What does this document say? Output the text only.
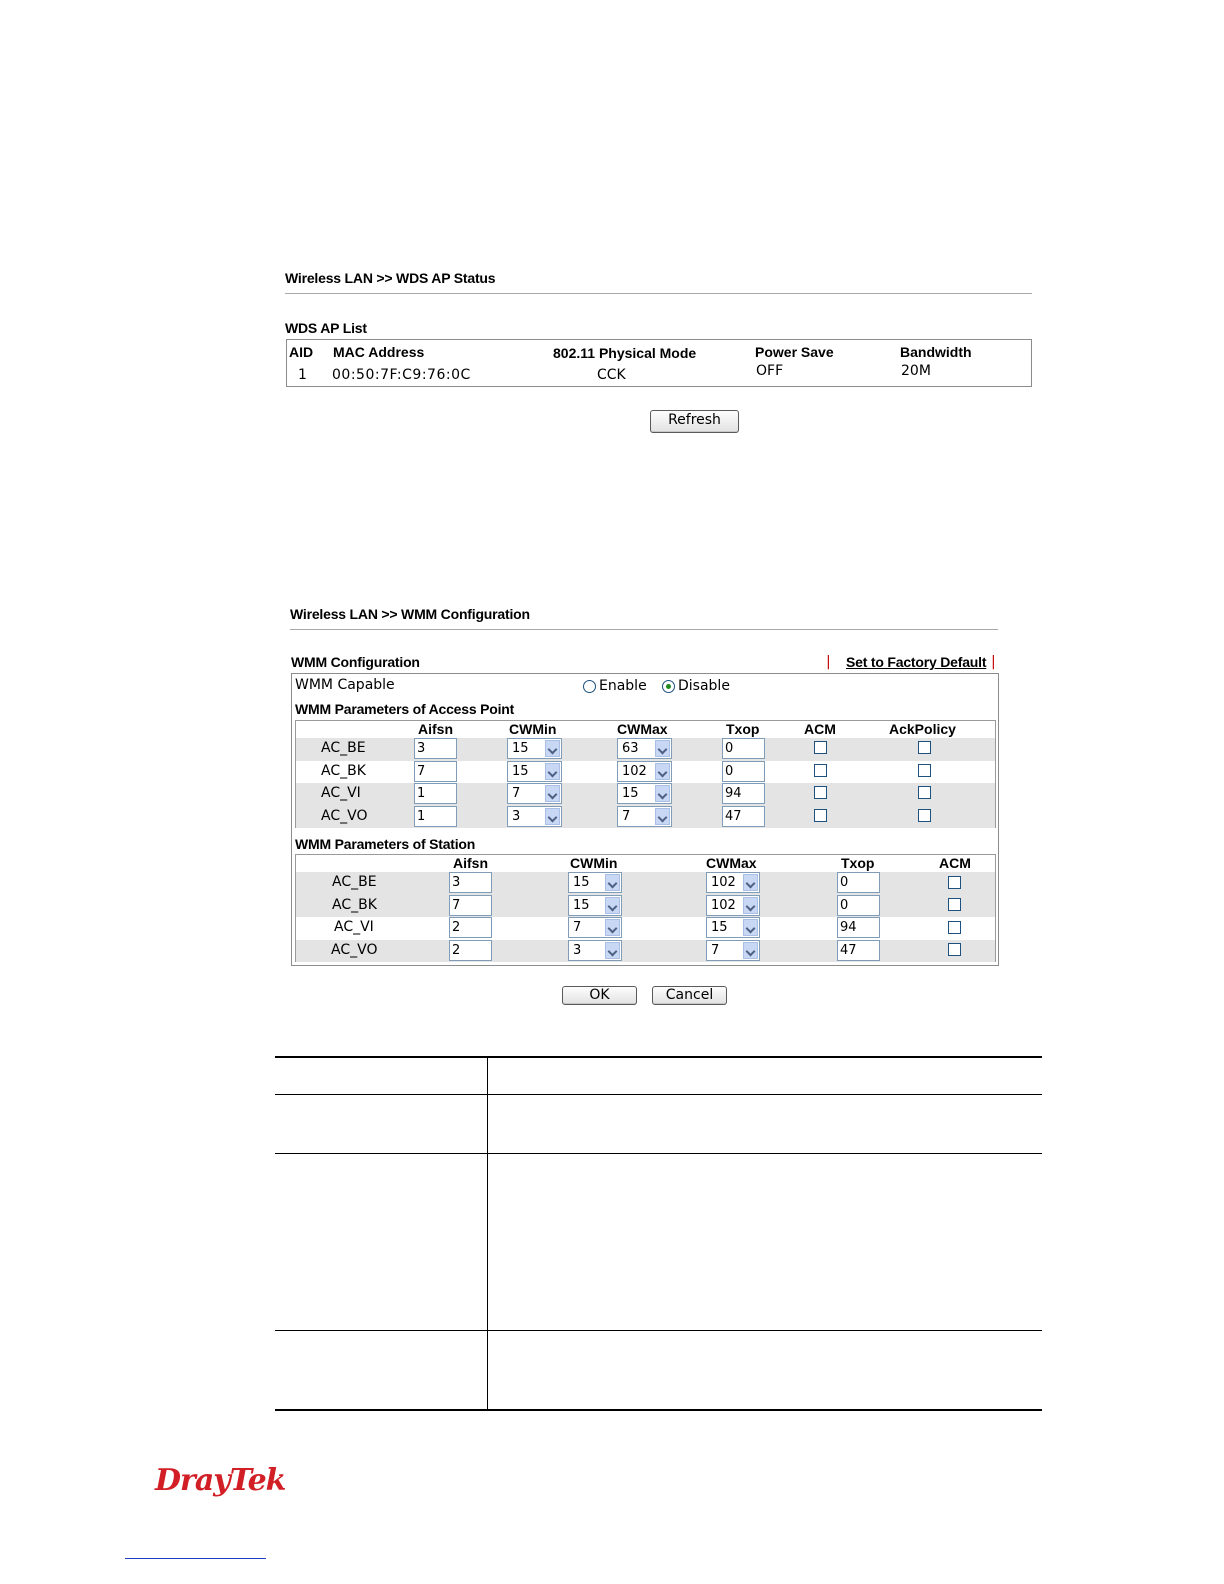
Wireless LAN >> WDS AP Status
WDS AP List
AID MAC Address	802.11 Physical Mode	Power Save	Bandwidth
1 00:50:7F:C9:76:0C	CCK	OFF	20M
Refresh
Wireless LAN >> WMM Configuration
WMM Configuration	| Set to Factory Default |
WMM Capable	Enable Disable
WMM Parameters of Access Point
WMM Parameters of Station
Aifsn	CWMin	CWMax	Txop	ACM	AckPolicy
AC_BE	3	15	63	0
AC_BK	7	15	102	0
AC_VI	1	7	15	94
AC_VO	1	3	7	47
Aifsn	CWMin	CWMax	Txop	ACM
AC_BE	3	15	102	0
AC_BK	7	15	102	0
AC_VI	2	7	15	94
AC_VO	2	3	7	47
OK	Cancel
DrayTek
